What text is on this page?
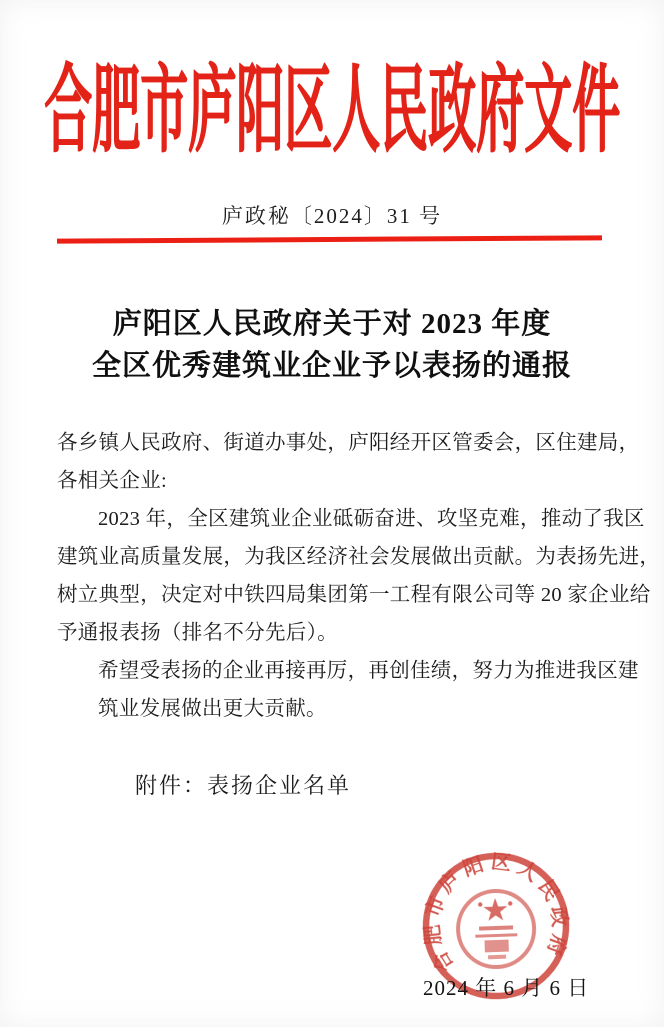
合肥市庐阳区人民政府文件
庐政秘〔2024〕31 号
庐阳区人民政府关于对 2023 年度
全区优秀建筑业企业予以表扬的通报
各乡镇人民政府、街道办事处，庐阳经开区管委会，区住建局，
各相关企业:
2023 年，全区建筑业企业砥砺奋进、攻坚克难，推动了我区
建筑业高质量发展，为我区经济社会发展做出贡献。为表扬先进，
树立典型，决定对中铁四局集团第一工程有限公司等 20 家企业给
予通报表扬（排名不分先后）。
希望受表扬的企业再接再厉，再创佳绩，努力为推进我区建
筑业发展做出更大贡献。
附件：表扬企业名单
合肥市庐阳区人民政府
2024 年 6 月 6 日
